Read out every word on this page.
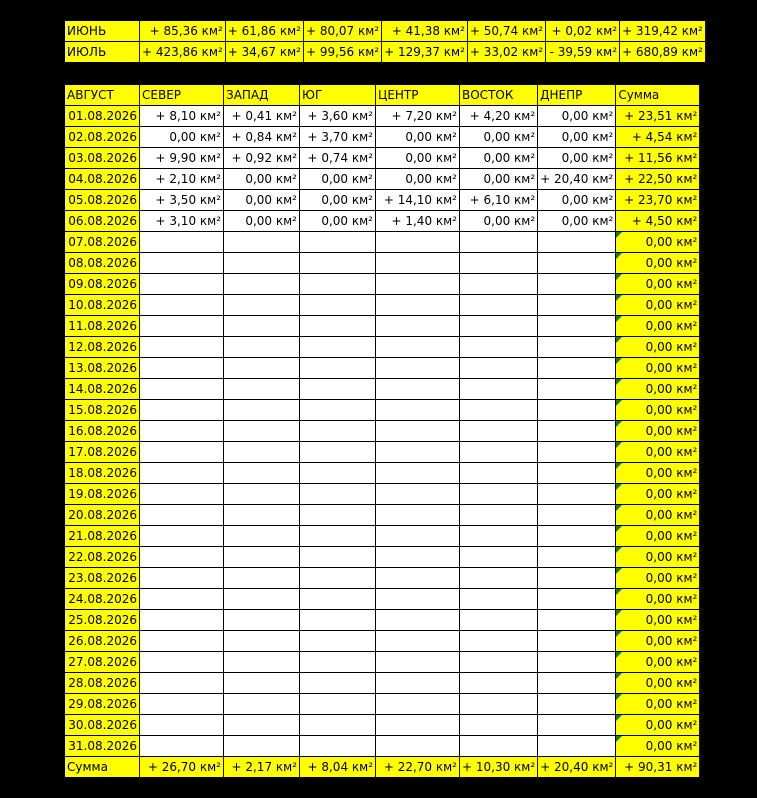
ИЮНЬ	+ 85,36 км²	+ 61,86 км²	+ 80,07 км²	+ 41,38 км²	+ 50,74 км²	+ 0,02 км²	+ 319,42 км²
ИЮЛЬ	+ 423,86 км²	+ 34,67 км²	+ 99,56 км²	+ 129,37 км²	+ 33,02 км²	- 39,59 км²	+ 680,89 км²
АВГУСТ	СЕВЕР	ЗАПАД	ЮГ	ЦЕНТР	ВОСТОК	ДНЕПР	Сумма
01.08.2026	+ 8,10 км²	+ 0,41 км²	+ 3,60 км²	+ 7,20 км²	+ 4,20 км²	0,00 км²	+ 23,51 км²
02.08.2026	0,00 км²	+ 0,84 км²	+ 3,70 км²	0,00 км²	0,00 км²	0,00 км²	+ 4,54 км²
03.08.2026	+ 9,90 км²	+ 0,92 км²	+ 0,74 км²	0,00 км²	0,00 км²	0,00 км²	+ 11,56 км²
04.08.2026	+ 2,10 км²	0,00 км²	0,00 км²	0,00 км²	0,00 км²	+ 20,40 км²	+ 22,50 км²
05.08.2026	+ 3,50 км²	0,00 км²	0,00 км²	+ 14,10 км²	+ 6,10 км²	0,00 км²	+ 23,70 км²
06.08.2026	+ 3,10 км²	0,00 км²	0,00 км²	+ 1,40 км²	0,00 км²	0,00 км²	+ 4,50 км²
07.08.2026							0,00 км²
08.08.2026							0,00 км²
09.08.2026							0,00 км²
10.08.2026							0,00 км²
11.08.2026							0,00 км²
12.08.2026							0,00 км²
13.08.2026							0,00 км²
14.08.2026							0,00 км²
15.08.2026							0,00 км²
16.08.2026							0,00 км²
17.08.2026							0,00 км²
18.08.2026							0,00 км²
19.08.2026							0,00 км²
20.08.2026							0,00 км²
21.08.2026							0,00 км²
22.08.2026							0,00 км²
23.08.2026							0,00 км²
24.08.2026							0,00 км²
25.08.2026							0,00 км²
26.08.2026							0,00 км²
27.08.2026							0,00 км²
28.08.2026							0,00 км²
29.08.2026							0,00 км²
30.08.2026							0,00 км²
31.08.2026							0,00 км²
Сумма	+ 26,70 км²	+ 2,17 км²	+ 8,04 км²	+ 22,70 км²	+ 10,30 км²	+ 20,40 км²	+ 90,31 км²
